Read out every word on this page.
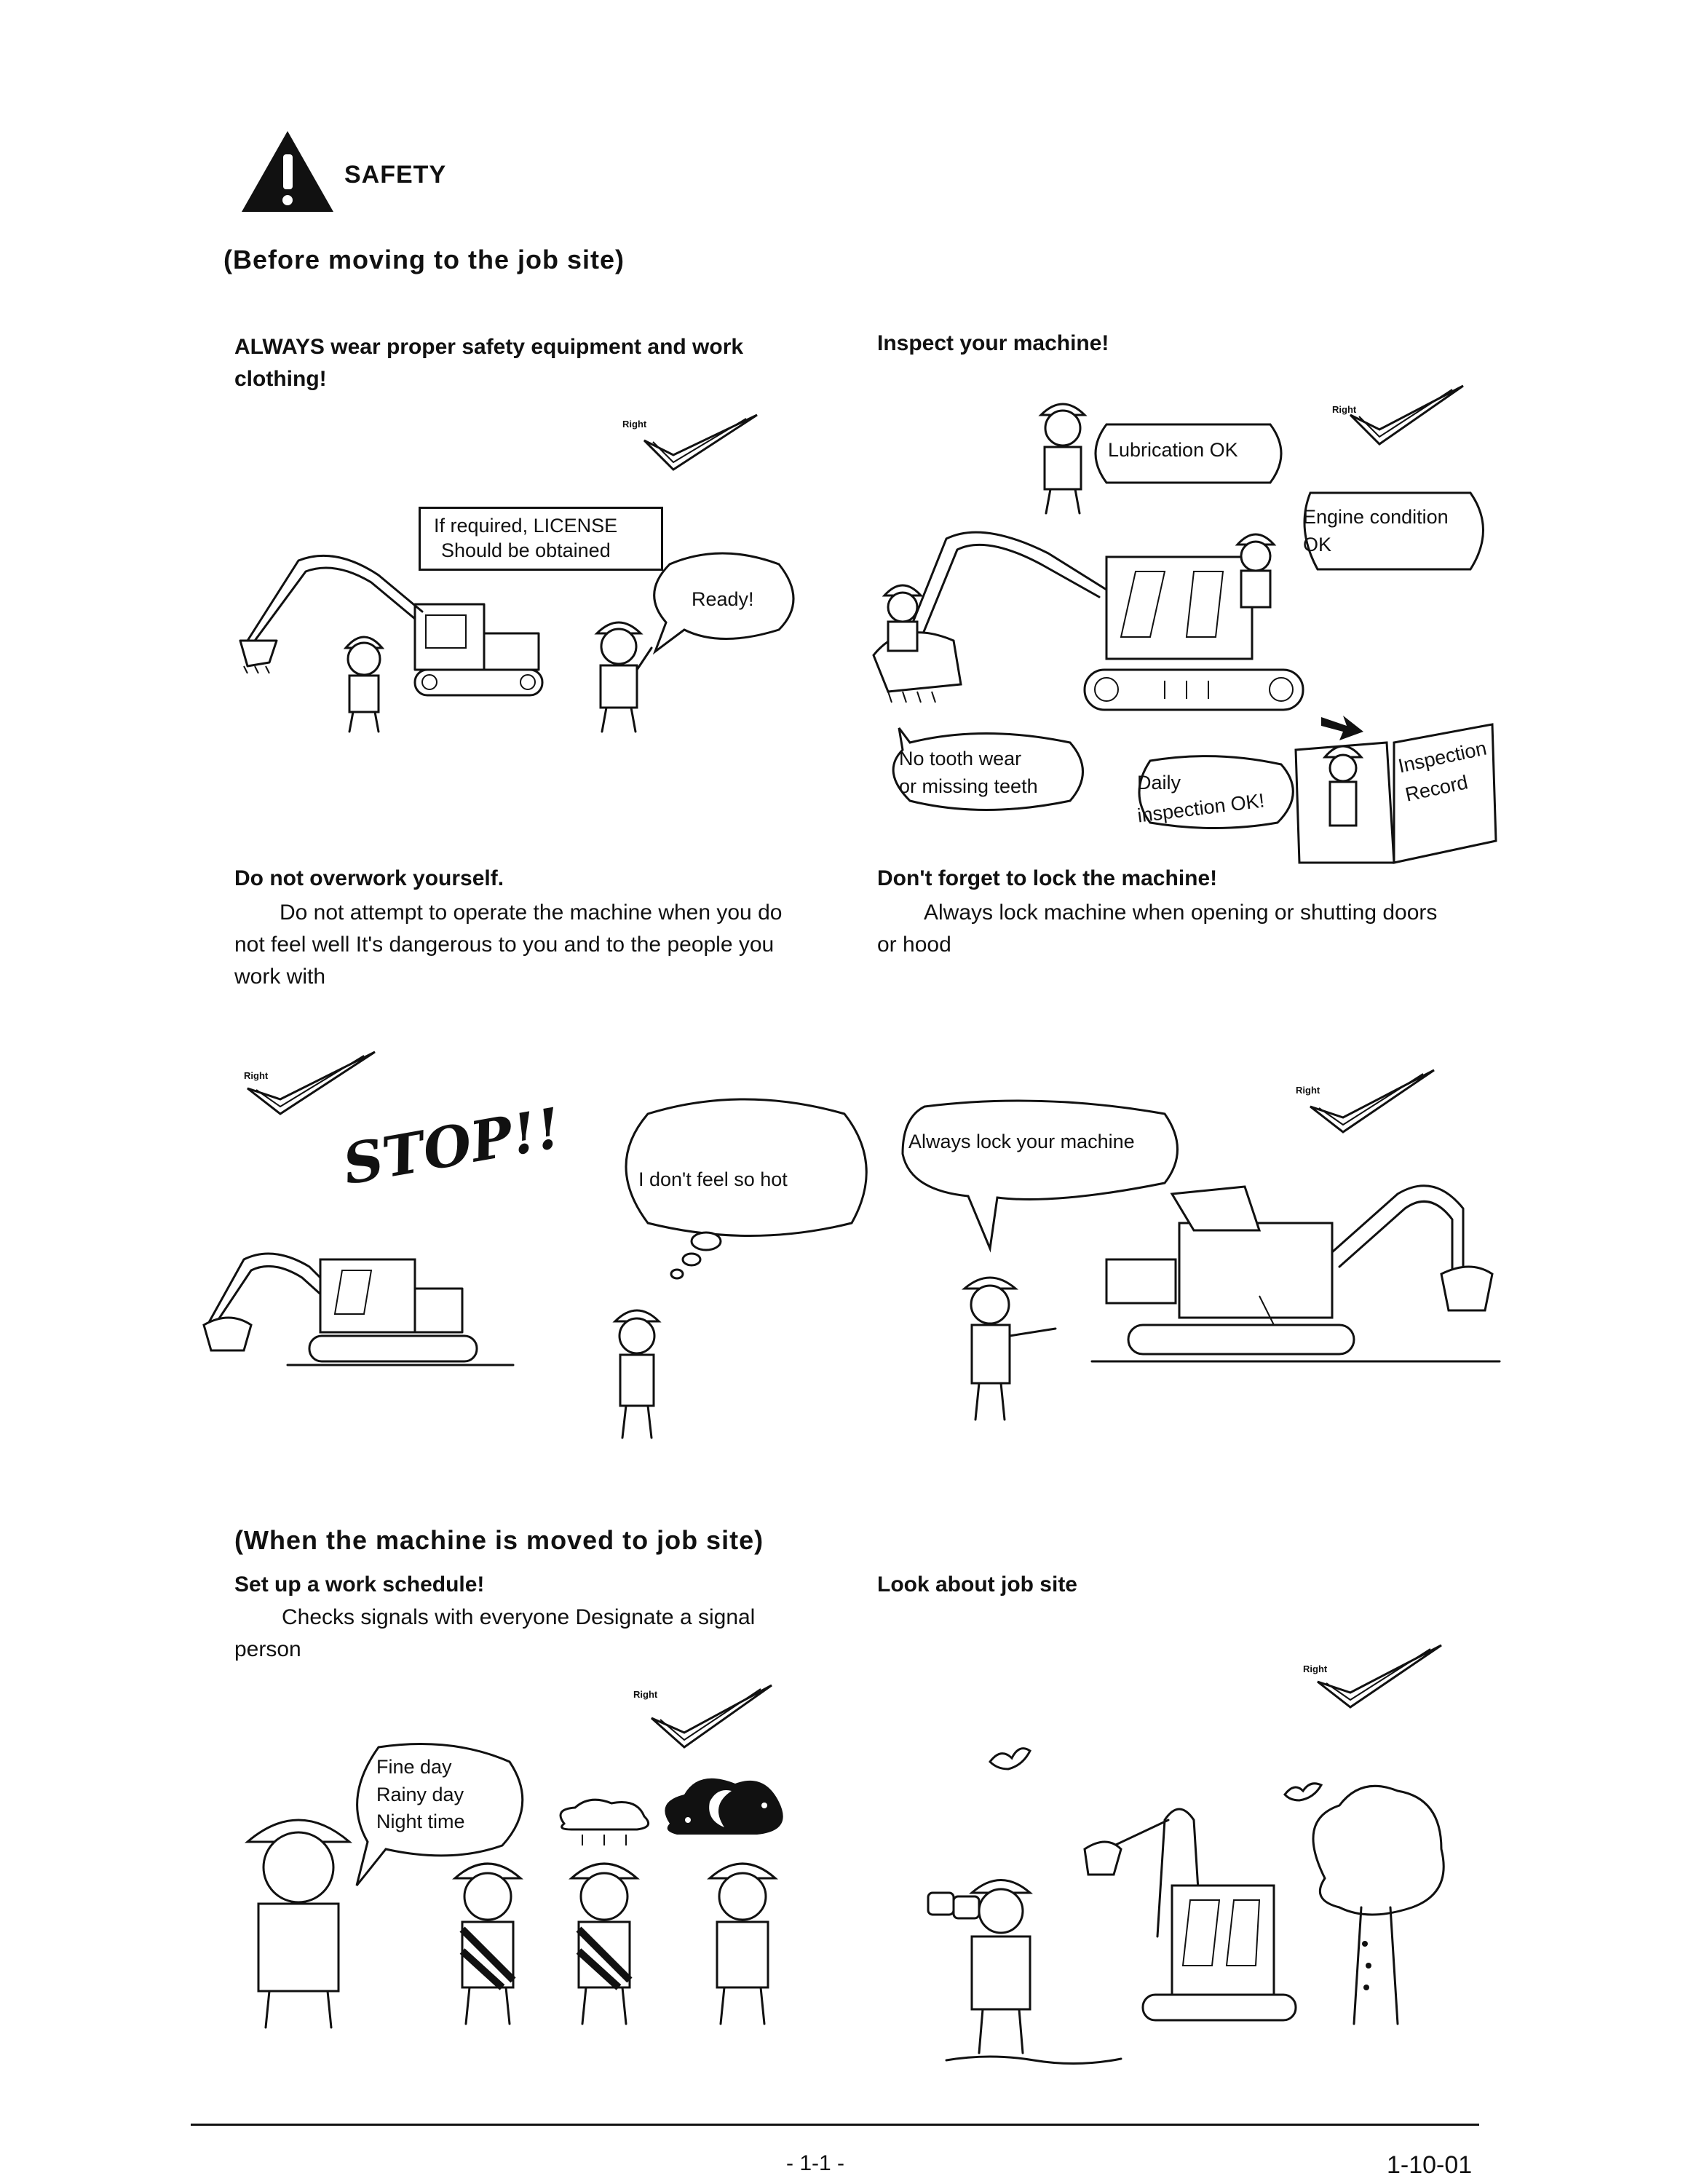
SAFETY
(Before moving to the job site)
ALWAYS wear proper safety equipment and work clothing!
Right
If required, LICENSE
Should be obtained
Ready!
Inspect your machine!
Right
Lubrication OK
Engine condition
OK
No tooth wear
or missing teeth	Daily
inspection OK!
Inspection
Record
Do not overwork yourself.
Do not attempt to operate the machine when you do not feel well It's dangerous to you and to the people you work with
Don't forget to lock the machine!
Always lock machine when opening or shutting doors or hood
Right
STOP!!	I don't feel so hot
Right
Always lock your machine
(When the machine is moved to job site)
Set up a work schedule!
Checks signals with everyone Designate a signal person
Look about job site
Right
Fine day
Rainy day
Night time
Right
- 1-1 -	1-10-01
